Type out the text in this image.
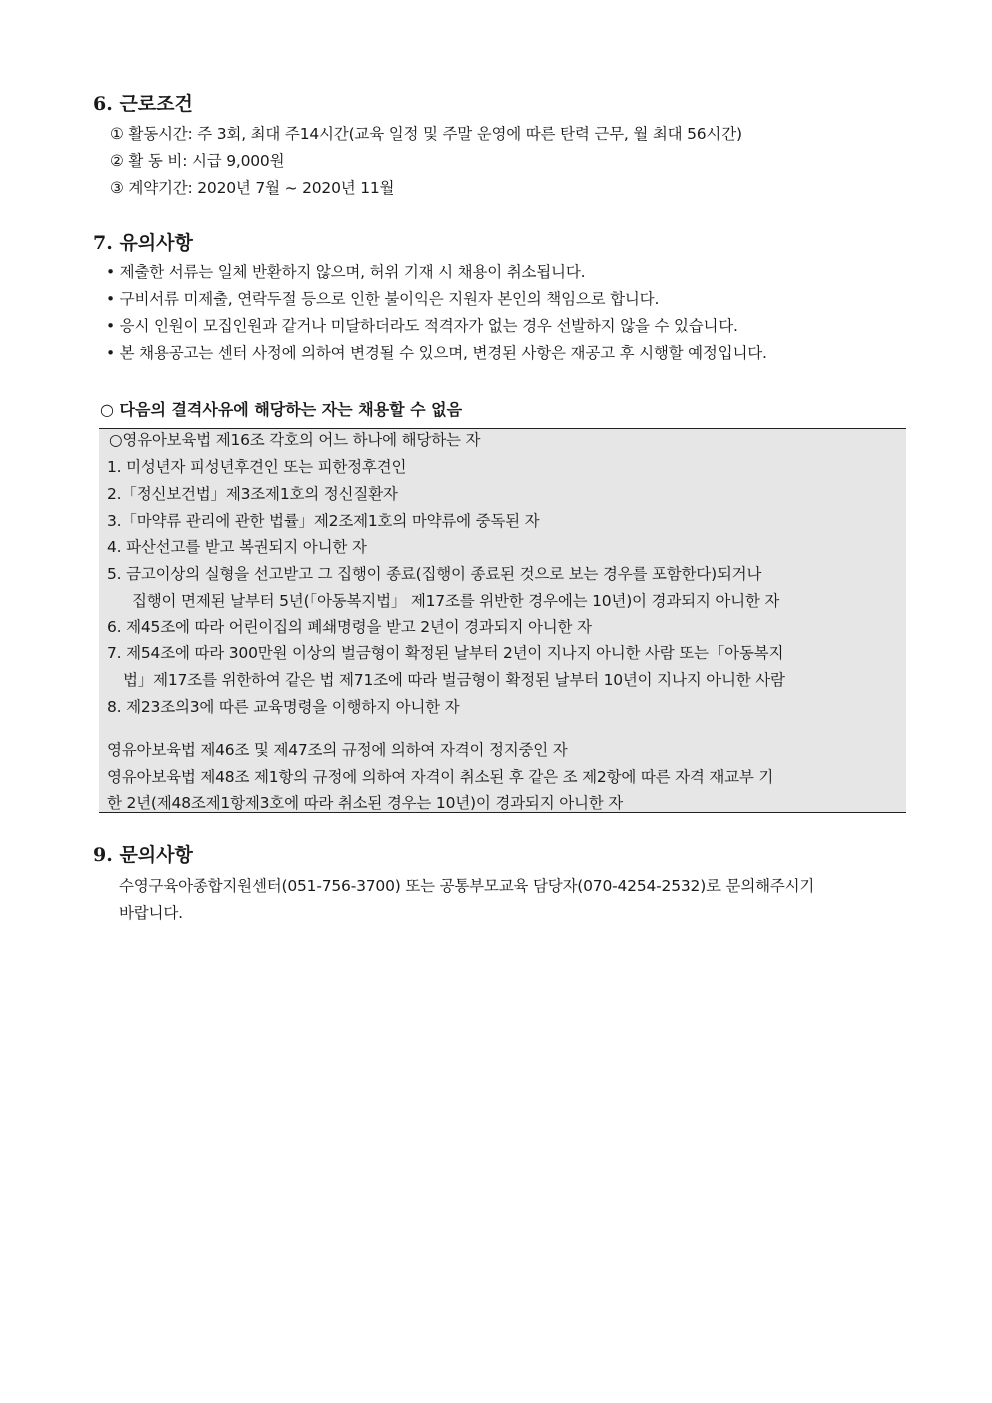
6. 근로조건
① 활동시간: 주 3회, 최대 주14시간(교육 일정 및 주말 운영에 따른 탄력 근무, 월 최대 56시간)
② 활 동 비: 시급 9,000원
③ 계약기간: 2020년 7월 ~ 2020년 11월
7. 유의사항
• 제출한 서류는 일체 반환하지 않으며, 허위 기재 시 채용이 취소됩니다.
• 구비서류 미제출, 연락두절 등으로 인한 불이익은 지원자 본인의 책임으로 합니다.
• 응시 인원이 모집인원과 같거나 미달하더라도 적격자가 없는 경우 선발하지 않을 수 있습니다.
• 본 채용공고는 센터 사정에 의하여 변경될 수 있으며, 변경된 사항은 재공고 후 시행할 예정입니다.
○ 다음의 결격사유에 해당하는 자는 채용할 수 없음
○영유아보육법 제16조 각호의 어느 하나에 해당하는 자
1. 미성년자 피성년후견인 또는 피한정후견인
2.「정신보건법」제3조제1호의 정신질환자
3.「마약류 관리에 관한 법률」제2조제1호의 마약류에 중독된 자
4. 파산선고를 받고 복권되지 아니한 자
5. 금고이상의 실형을 선고받고 그 집행이 종료(집행이 종료된 것으로 보는 경우를 포함한다)되거나
집행이 면제된 날부터 5년(「아동복지법」 제17조를 위반한 경우에는 10년)이 경과되지 아니한 자
6. 제45조에 따라 어린이집의 폐쇄명령을 받고 2년이 경과되지 아니한 자
7. 제54조에 따라 300만원 이상의 벌금형이 확정된 날부터 2년이 지나지 아니한 사람 또는「아동복지
법」제17조를 위한하여 같은 법 제71조에 따라 벌금형이 확정된 날부터 10년이 지나지 아니한 사람
8. 제23조의3에 따른 교육명령을 이행하지 아니한 자
영유아보육법 제46조 및 제47조의 규정에 의하여 자격이 정지중인 자
영유아보육법 제48조 제1항의 규정에 의하여 자격이 취소된 후 같은 조 제2항에 따른 자격 재교부 기
한 2년(제48조제1항제3호에 따라 취소된 경우는 10년)이 경과되지 아니한 자
9. 문의사항
수영구육아종합지원센터(051-756-3700) 또는 공통부모교육 담당자(070-4254-2532)로 문의해주시기
바랍니다.
